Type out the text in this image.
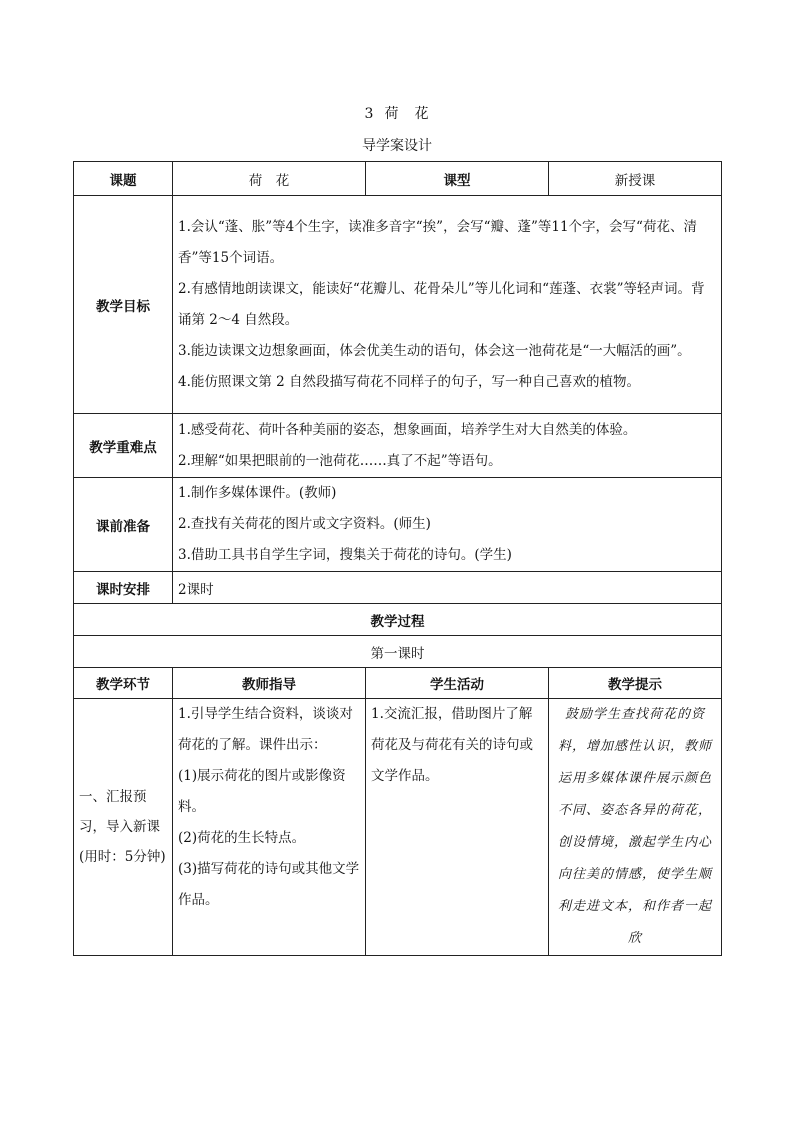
3 荷　花
导学案设计
课题	荷　花	课型	新授课
教学目标	1.会认“蓬、胀”等4个生字，读准多音字“挨”，会写“瓣、蓬”等11个字，会写“荷花、清香”等15个词语。

2.有感情地朗读课文，能读好“花瓣儿、花骨朵儿”等儿化词和“莲蓬、衣裳”等轻声词。背诵第 2～4 自然段。

3.能边读课文边想象画面，体会优美生动的语句，体会这一池荷花是“一大幅活的画”。

4.能仿照课文第 2 自然段描写荷花不同样子的句子，写一种自己喜欢的植物。		

教学重难点	1.感受荷花、荷叶各种美丽的姿态，想象画面，培养学生对大自然美的体验。

2.理解“如果把眼前的一池荷花……真了不起”等语句。		

课前准备	1.制作多媒体课件。(教师)

2.查找有关荷花的图片或文字资料。(师生)

3.借助工具书自学生字词，搜集关于荷花的诗句。(学生)		

课时安排	2课时		
教学过程			
第一课时			
教学环节	教师指导	学生活动	教学提示
一、汇报预习，导入新课(用时：5分钟)	1.引导学生结合资料，谈谈对荷花的了解。课件出示：

(1)展示荷花的图片或影像资料。

(2)荷花的生长特点。

(3)描写荷花的诗句或其他文学作品。	1.交流汇报，借助图片了解荷花及与荷花有关的诗句或文学作品。	鼓励学生查找荷花的资料，增加感性认识，教师运用多媒体课件展示颜色不同、姿态各异的荷花，创设情境，激起学生内心向往美的情感，使学生顺利走进文本，和作者一起欣
